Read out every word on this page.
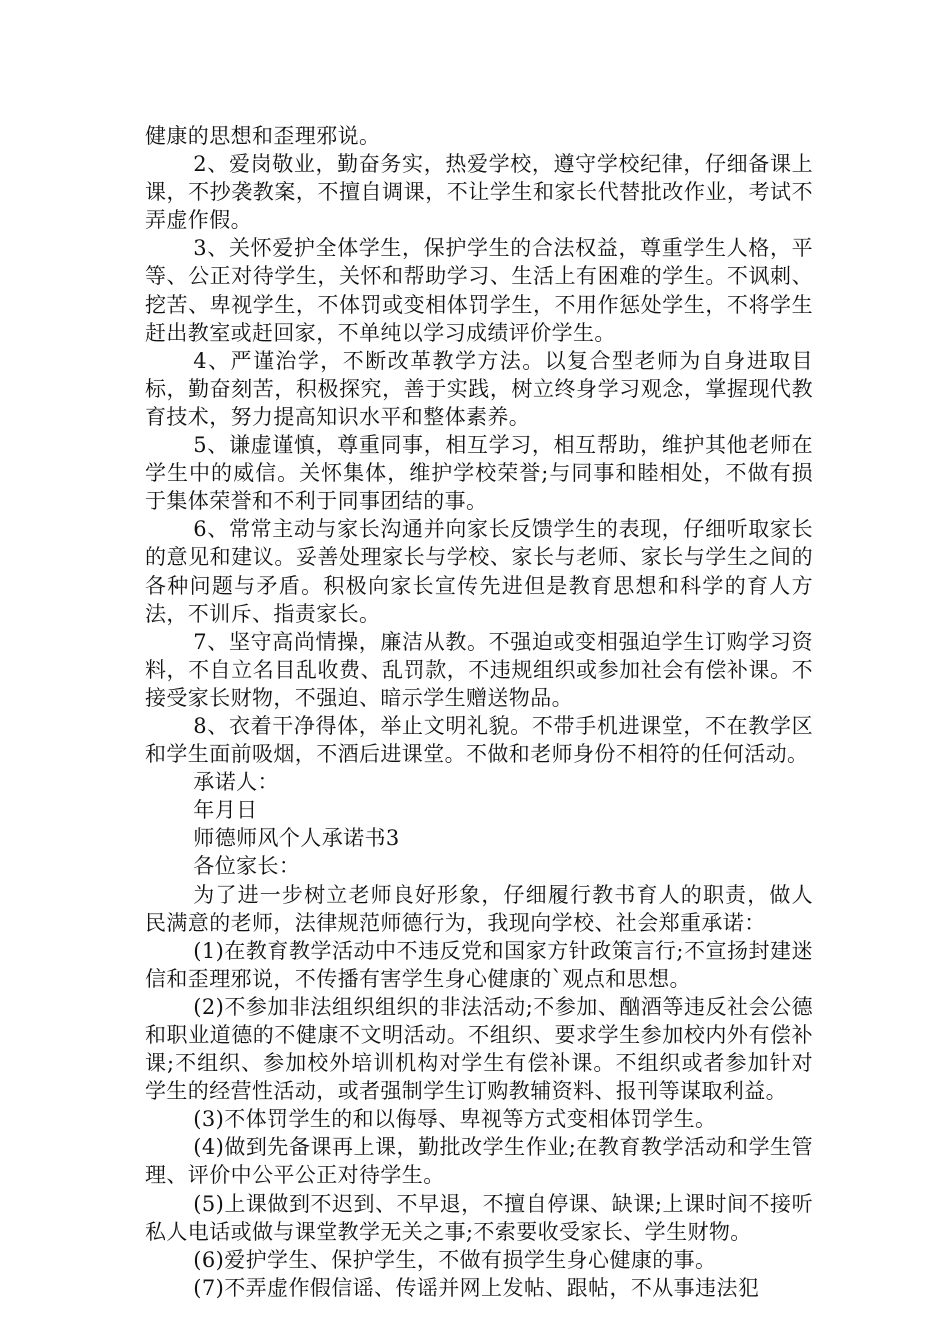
健康的思想和歪理邪说。

2、爱岗敬业，勤奋务实，热爱学校，遵守学校纪律，仔细备课上课，不抄袭教案，不擅自调课，不让学生和家长代替批改作业，考试不弄虚作假。

3、关怀爱护全体学生，保护学生的合法权益，尊重学生人格，平等、公正对待学生，关怀和帮助学习、生活上有困难的学生。不讽刺、挖苦、卑视学生，不体罚或变相体罚学生，不用作惩处学生，不将学生赶出教室或赶回家，不单纯以学习成绩评价学生。

4、严谨治学，不断改革教学方法。以复合型老师为自身进取目标，勤奋刻苦，积极探究，善于实践，树立终身学习观念，掌握现代教育技术，努力提高知识水平和整体素养。

5、谦虚谨慎，尊重同事，相互学习，相互帮助，维护其他老师在学生中的威信。关怀集体，维护学校荣誉;与同事和睦相处，不做有损于集体荣誉和不利于同事团结的事。

6、常常主动与家长沟通并向家长反馈学生的表现，仔细听取家长的意见和建议。妥善处理家长与学校、家长与老师、家长与学生之间的各种问题与矛盾。积极向家长宣传先进但是教育思想和科学的育人方法，不训斥、指责家长。

7、坚守高尚情操，廉洁从教。不强迫或变相强迫学生订购学习资料，不自立名目乱收费、乱罚款，不违规组织或参加社会有偿补课。不接受家长财物，不强迫、暗示学生赠送物品。

8、衣着干净得体，举止文明礼貌。不带手机进课堂，不在教学区和学生面前吸烟，不酒后进课堂。不做和老师身份不相符的任何活动。

承诺人：

年月日

师德师风个人承诺书3

各位家长：

为了进一步树立老师良好形象，仔细履行教书育人的职责，做人民满意的老师，法律规范师德行为，我现向学校、社会郑重承诺：

(1)在教育教学活动中不违反党和国家方针政策言行;不宣扬封建迷信和歪理邪说，不传播有害学生身心健康的`观点和思想。

(2)不参加非法组织组织的非法活动;不参加、酗酒等违反社会公德和职业道德的不健康不文明活动。不组织、要求学生参加校内外有偿补课;不组织、参加校外培训机构对学生有偿补课。不组织或者参加针对学生的经营性活动，或者强制学生订购教辅资料、报刊等谋取利益。

(3)不体罚学生的和以侮辱、卑视等方式变相体罚学生。

(4)做到先备课再上课，勤批改学生作业;在教育教学活动和学生管理、评价中公平公正对待学生。

(5)上课做到不迟到、不早退，不擅自停课、缺课;上课时间不接听私人电话或做与课堂教学无关之事;不索要收受家长、学生财物。

(6)爱护学生、保护学生，不做有损学生身心健康的事。

(7)不弄虚作假信谣、传谣并网上发帖、跟帖，不从事违法犯
